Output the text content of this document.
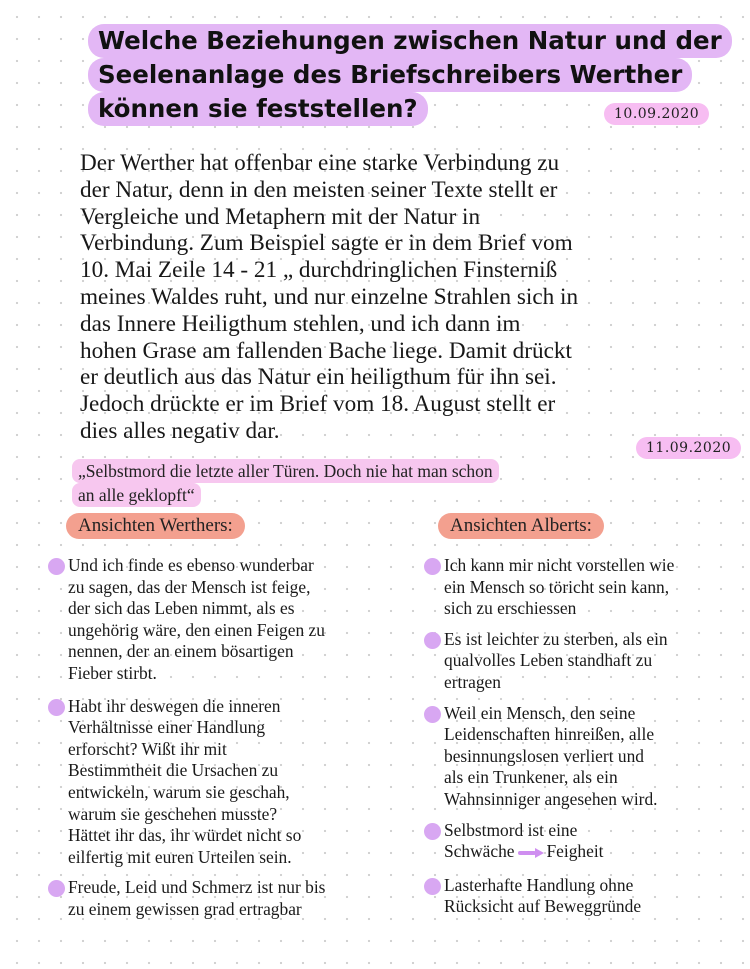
Welche Beziehungen zwischen Natur und der
Seelenanlage des Briefschreibers Werther
können sie feststellen?	10.09.2020
Der Werther hat offenbar eine starke Verbindung zu
der Natur, denn in den meisten seiner Texte stellt er
Vergleiche und Metaphern mit der Natur in
Verbindung. Zum Beispiel sagte er in dem Brief vom
10. Mai Zeile 14 - 21 „ durchdringlichen Finsterniß
meines Waldes ruht, und nur einzelne Strahlen sich in
das Innere Heiligthum stehlen, und ich dann im
hohen Grase am fallenden Bache liege. Damit drückt
er deutlich aus das Natur ein heiligthum für ihn sei.
Jedoch drückte er im Brief vom 18. August stellt er
dies alles negativ dar.
11.09.2020
„Selbstmord die letzte aller Türen. Doch nie hat man schon
an alle geklopft“
Ansichten Werthers:	Ansichten Alberts:
Und ich finde es ebenso wunderbar
zu sagen, das der Mensch ist feige,
der sich das Leben nimmt, als es
ungehörig wäre, den einen Feigen zu
nennen, der an einem bösartigen
Fieber stirbt.
Habt ihr deswegen die inneren
Verhältnisse einer Handlung
erforscht? Wißt ihr mit
Bestimmtheit die Ursachen zu
entwickeln, warum sie geschah,
warum sie geschehen musste?
Hättet ihr das, ihr würdet nicht so
eilfertig mit euren Urteilen sein.
Freude, Leid und Schmerz ist nur bis
zu einem gewissen grad ertragbar
Ich kann mir nicht vorstellen wie
ein Mensch so töricht sein kann,
sich zu erschiessen
Es ist leichter zu sterben, als ein
qualvolles Leben standhaft zu
ertragen
Weil ein Mensch, den seine
Leidenschaften hinreißen, alle
besinnungslosen verliert und
als ein Trunkener, als ein
Wahnsinniger angesehen wird.
Selbstmord ist eine
Schwäche Feigheit
Lasterhafte Handlung ohne
Rücksicht auf Beweggründe
